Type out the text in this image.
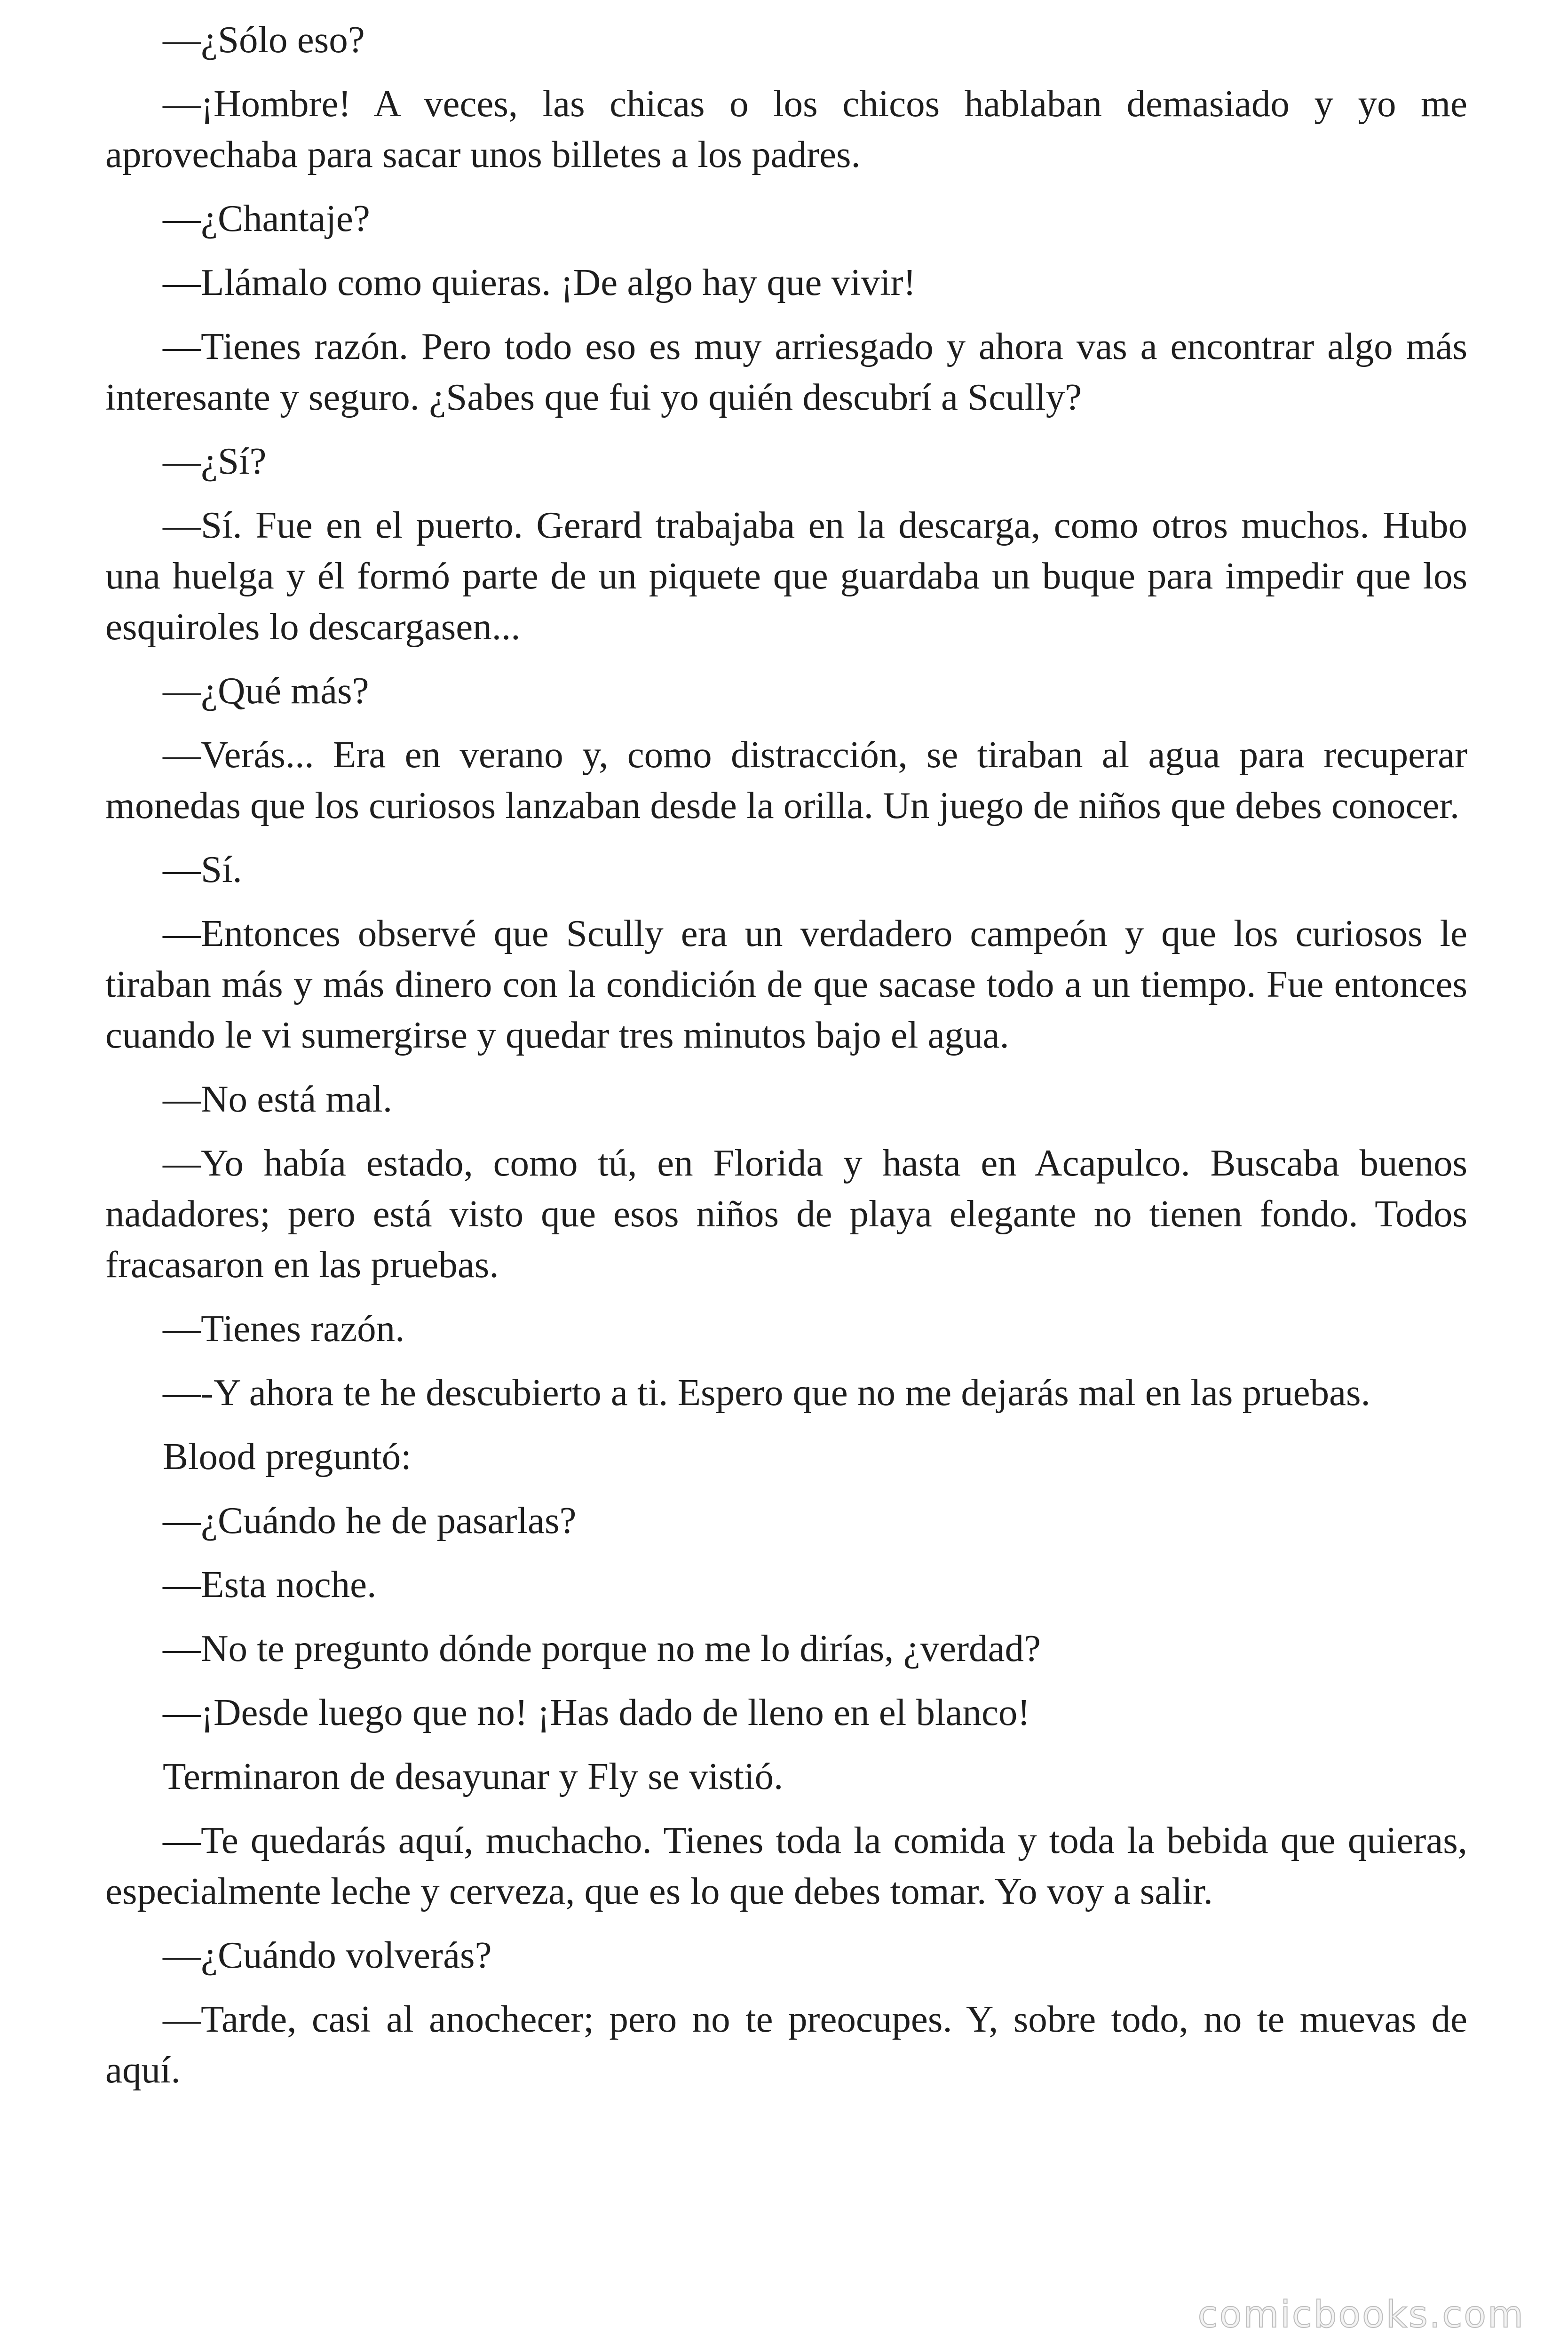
—¿Sólo eso?

—¡Hombre! A veces, las chicas o los chicos hablaban demasiado y yo me aprovechaba para sacar unos billetes a los padres.

—¿Chantaje?

—Llámalo como quieras. ¡De algo hay que vivir!

—Tienes razón. Pero todo eso es muy arriesgado y ahora vas a encontrar algo más interesante y seguro. ¿Sabes que fui yo quién descubrí a Scully?

—¿Sí?

—Sí. Fue en el puerto. Gerard trabajaba en la descarga, como otros muchos. Hubo una huelga y él formó parte de un piquete que guardaba un buque para impedir que los esquiroles lo descargasen...

—¿Qué más?

—Verás... Era en verano y, como distracción, se tiraban al agua para recuperar monedas que los curiosos lanzaban desde la orilla. Un juego de niños que debes conocer.

—Sí.

—Entonces observé que Scully era un verdadero campeón y que los curiosos le tiraban más y más dinero con la condición de que sacase todo a un tiempo. Fue entonces cuando le vi sumergirse y quedar tres minutos bajo el agua.

—No está mal.

—Yo había estado, como tú, en Florida y hasta en Acapulco. Buscaba buenos nadadores; pero está visto que esos niños de playa elegante no tienen fondo. Todos fracasaron en las pruebas.

—Tienes razón.

—-Y ahora te he descubierto a ti. Espero que no me dejarás mal en las pruebas.

Blood preguntó:

—¿Cuándo he de pasarlas?

—Esta noche.

—No te pregunto dónde porque no me lo dirías, ¿verdad?

—¡Desde luego que no! ¡Has dado de lleno en el blanco!

Terminaron de desayunar y Fly se vistió.

—Te quedarás aquí, muchacho. Tienes toda la comida y toda la bebida que quieras, especialmente leche y cerveza, que es lo que debes tomar. Yo voy a salir.

—¿Cuándo volverás?

—Tarde, casi al anochecer; pero no te preocupes. Y, sobre todo, no te muevas de aquí.

comicbooks.com
